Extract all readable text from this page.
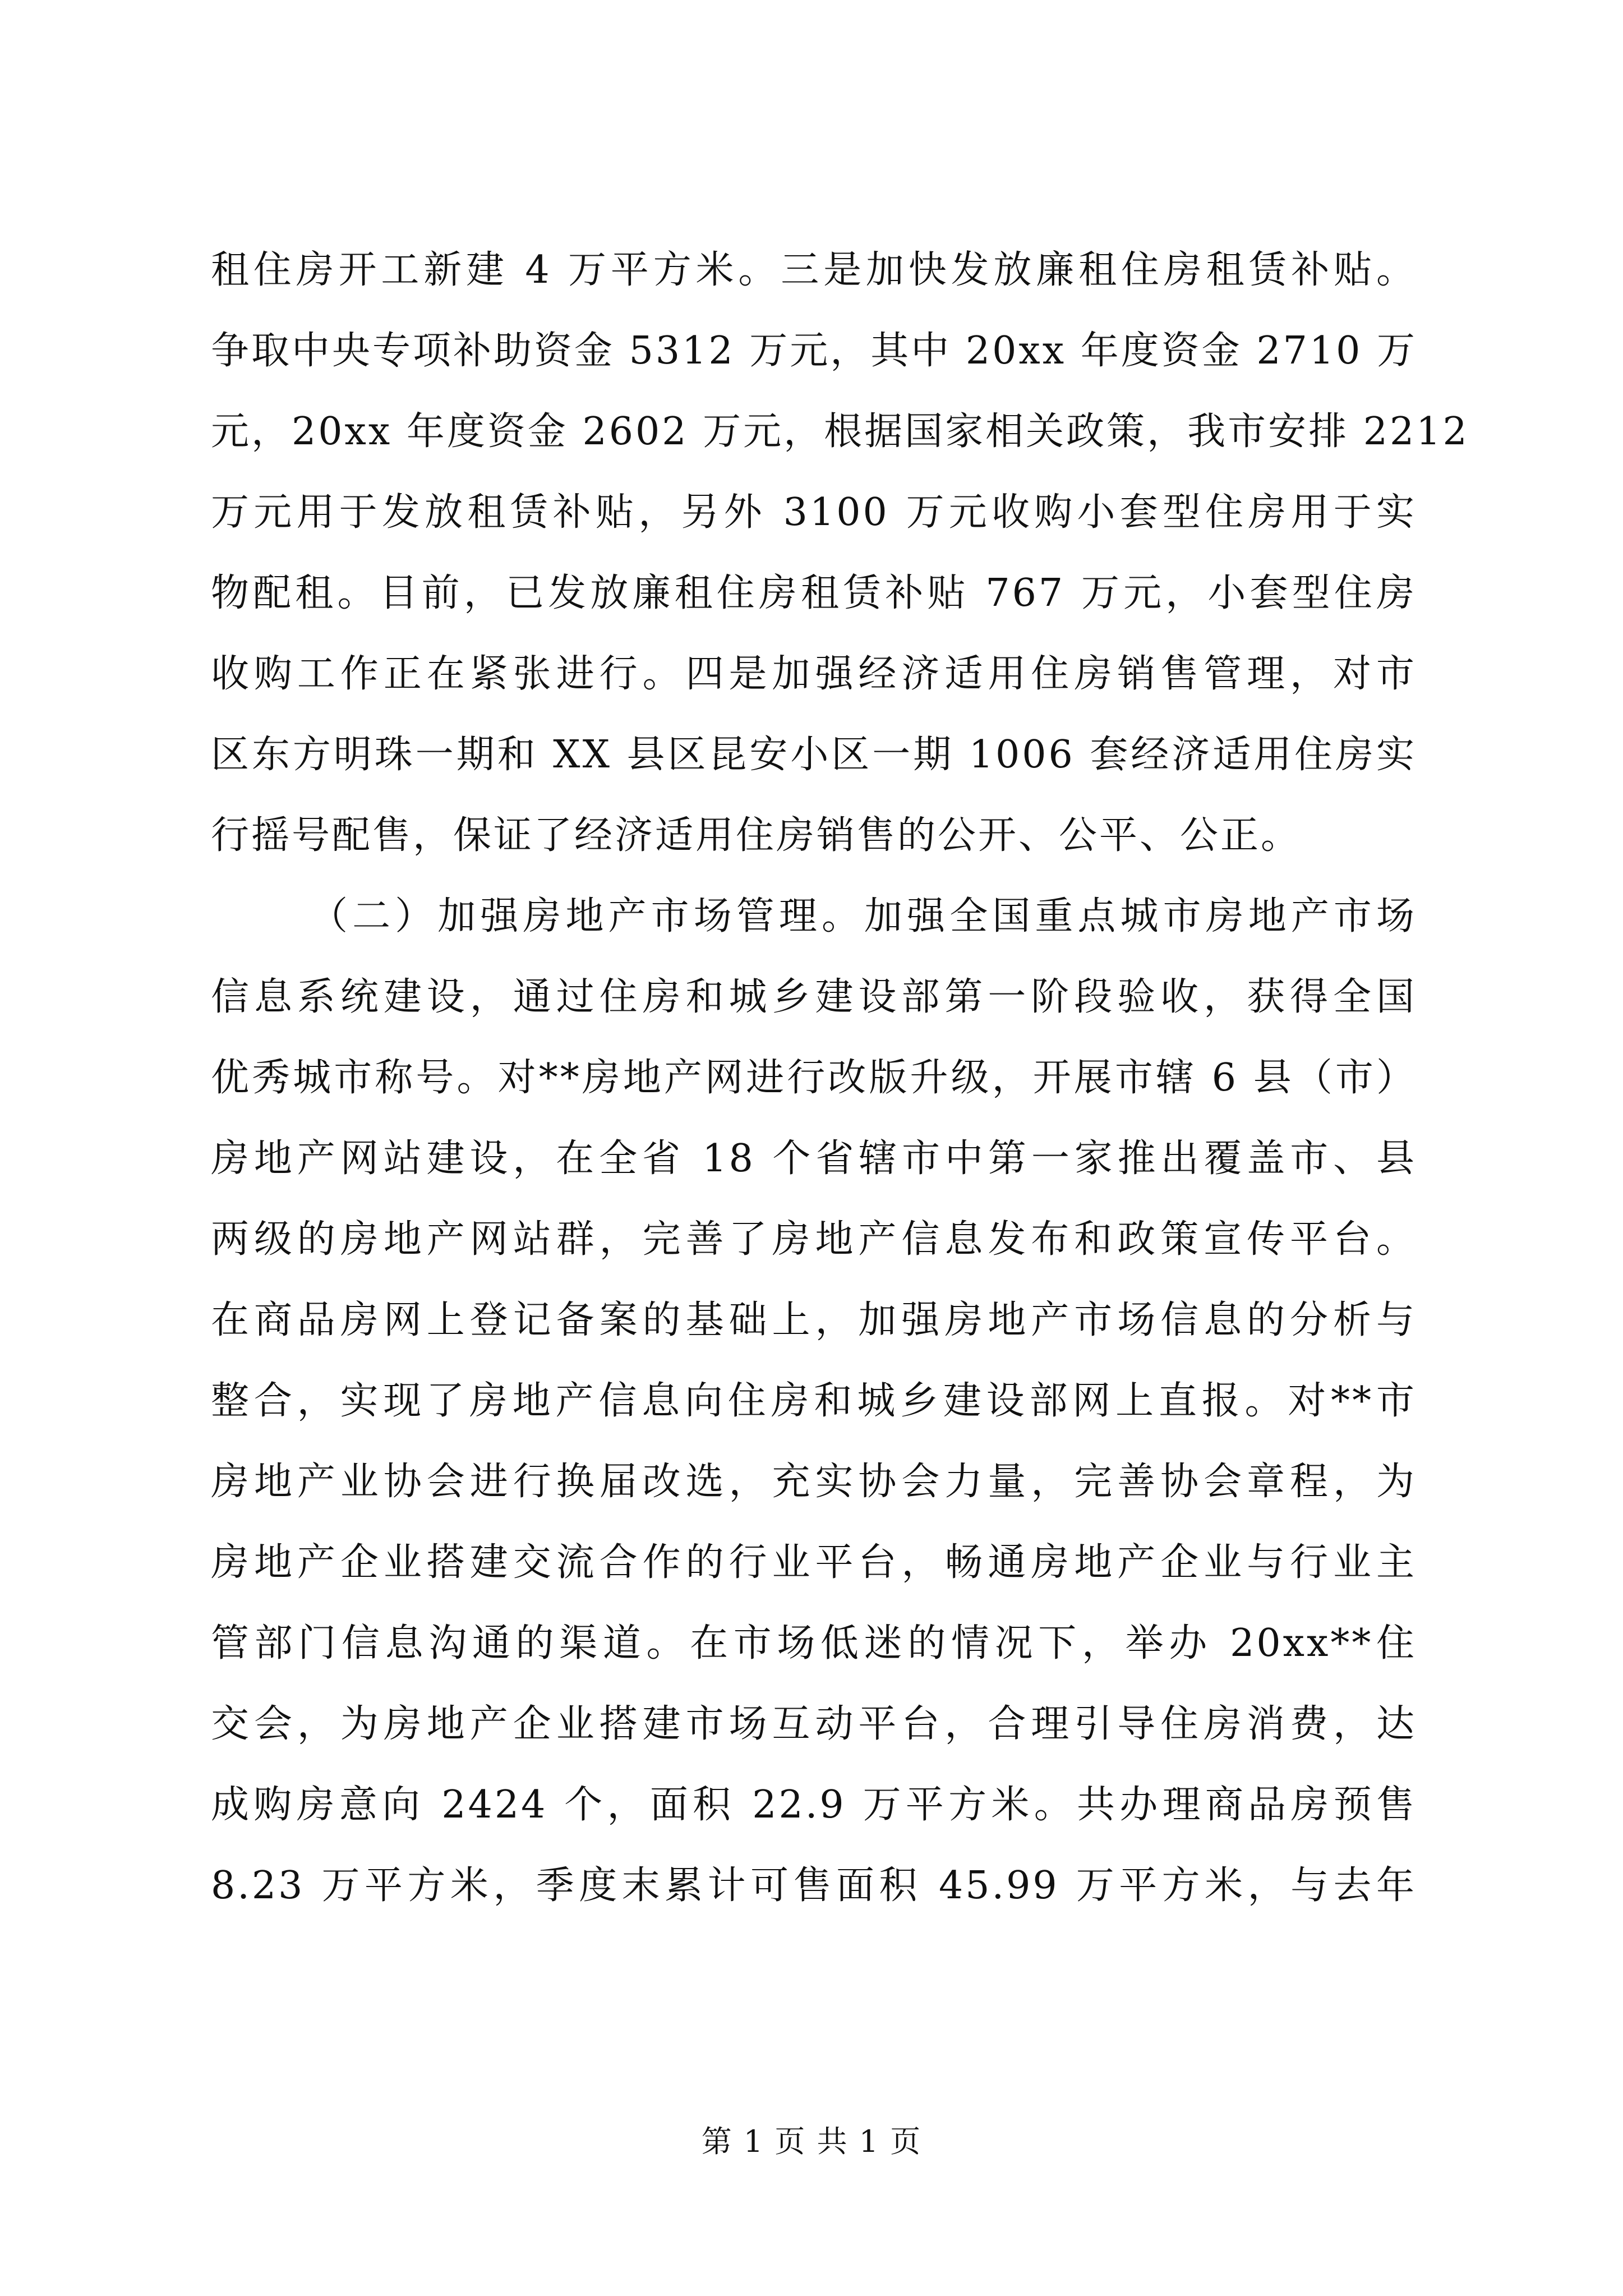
租住房开工新建 4 万平方米。三是加快发放廉租住房租赁补贴。
争取中央专项补助资金 5312 万元，其中 20xx 年度资金 2710 万
元，20xx 年度资金 2602 万元，根据国家相关政策，我市安排 2212
万元用于发放租赁补贴，另外 3100 万元收购小套型住房用于实
物配租。目前，已发放廉租住房租赁补贴 767 万元，小套型住房
收购工作正在紧张进行。四是加强经济适用住房销售管理，对市
区东方明珠一期和 XX 县区昆安小区一期 1006 套经济适用住房实
行摇号配售，保证了经济适用住房销售的公开、公平、公正。
（二）加强房地产市场管理。加强全国重点城市房地产市场
信息系统建设，通过住房和城乡建设部第一阶段验收，获得全国
优秀城市称号。对**房地产网进行改版升级，开展市辖 6 县（市）
房地产网站建设，在全省 18 个省辖市中第一家推出覆盖市、县
两级的房地产网站群，完善了房地产信息发布和政策宣传平台。
在商品房网上登记备案的基础上，加强房地产市场信息的分析与
整合，实现了房地产信息向住房和城乡建设部网上直报。对**市
房地产业协会进行换届改选，充实协会力量，完善协会章程，为
房地产企业搭建交流合作的行业平台，畅通房地产企业与行业主
管部门信息沟通的渠道。在市场低迷的情况下，举办 20xx**住
交会，为房地产企业搭建市场互动平台，合理引导住房消费，达
成购房意向 2424 个，面积 22.9 万平方米。共办理商品房预售
8.23 万平方米，季度末累计可售面积 45.99 万平方米，与去年
第 1 页 共 1 页
